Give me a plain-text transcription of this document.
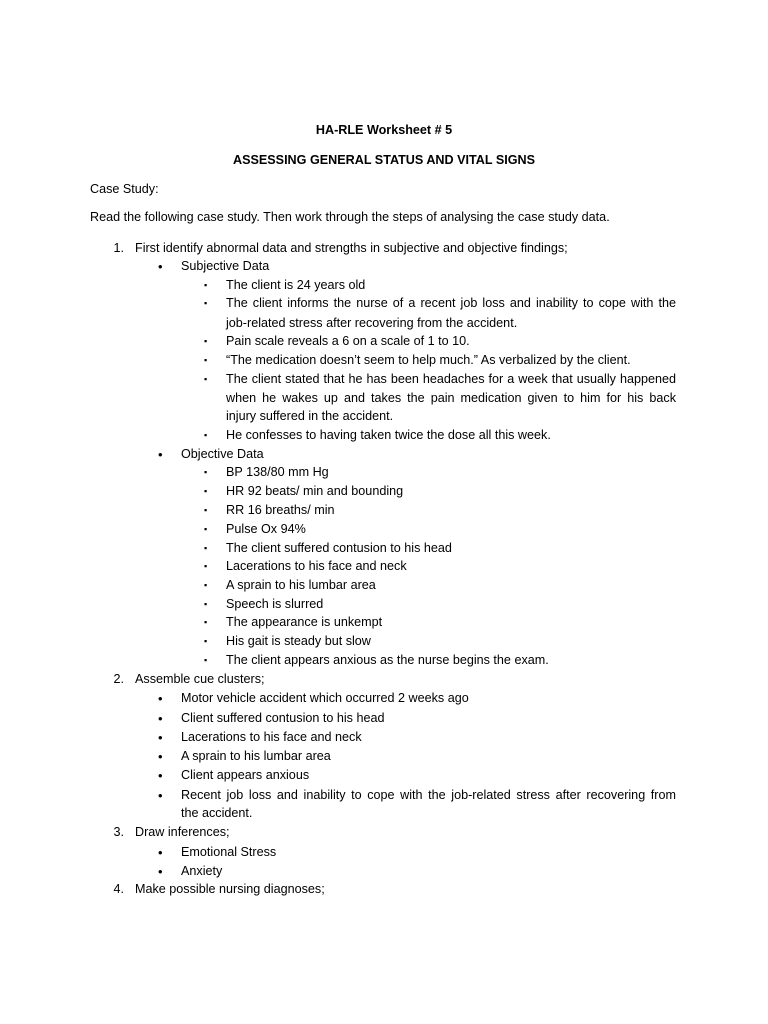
HA-RLE Worksheet # 5
ASSESSING GENERAL STATUS AND VITAL SIGNS
Case Study:
Read the following case study. Then work through the steps of analysing the case study data.
1. First identify abnormal data and strengths in subjective and objective findings;
• Subjective Data
▪ The client is 24 years old
▪ The client informs the nurse of a recent job loss and inability to cope with the
job-related stress after recovering from the accident.
▪ Pain scale reveals a 6 on a scale of 1 to 10.
▪ “The medication doesn’t seem to help much.” As verbalized by the client.
▪ The client stated that he has been headaches for a week that usually happened
when he wakes up and takes the pain medication given to him for his back
injury suffered in the accident.
▪ He confesses to having taken twice the dose all this week.
• Objective Data
▪ BP 138/80 mm Hg
▪ HR 92 beats/ min and bounding
▪ RR 16 breaths/ min
▪ Pulse Ox 94%
▪ The client suffered contusion to his head
▪ Lacerations to his face and neck
▪ A sprain to his lumbar area
▪ Speech is slurred
▪ The appearance is unkempt
▪ His gait is steady but slow
▪ The client appears anxious as the nurse begins the exam.
2. Assemble cue clusters;
• Motor vehicle accident which occurred 2 weeks ago
• Client suffered contusion to his head
• Lacerations to his face and neck
• A sprain to his lumbar area
• Client appears anxious
• Recent job loss and inability to cope with the job-related stress after recovering from
the accident.
3. Draw inferences;
• Emotional Stress
• Anxiety
4. Make possible nursing diagnoses;
